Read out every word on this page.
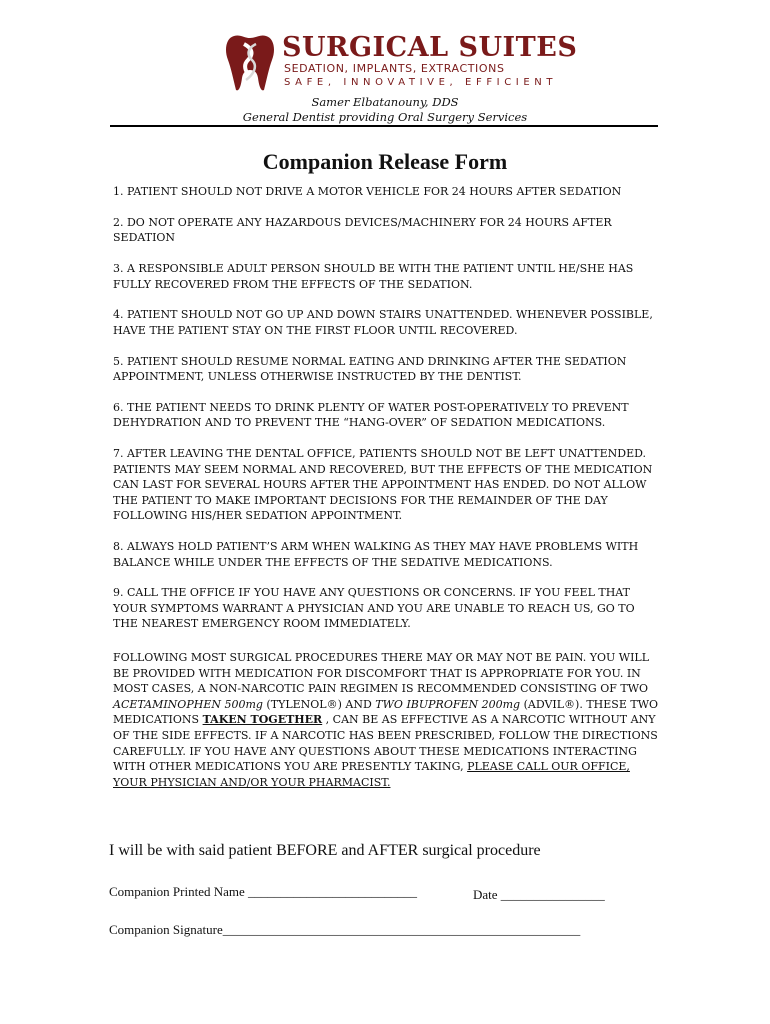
SURGICAL SUITES
SEDATION, IMPLANTS, EXTRACTIONS
SAFE, INNOVATIVE, EFFICIENT
Samer Elbatanouny, DDS
General Dentist providing Oral Surgery Services
Companion Release Form
1. PATIENT SHOULD NOT DRIVE A MOTOR VEHICLE FOR 24 HOURS AFTER SEDATION
2. DO NOT OPERATE ANY HAZARDOUS DEVICES/MACHINERY FOR 24 HOURS AFTER SEDATION
3. A RESPONSIBLE ADULT PERSON SHOULD BE WITH THE PATIENT UNTIL HE/SHE HAS FULLY RECOVERED FROM THE EFFECTS OF THE SEDATION.
4. PATIENT SHOULD NOT GO UP AND DOWN STAIRS UNATTENDED. WHENEVER POSSIBLE, HAVE THE PATIENT STAY ON THE FIRST FLOOR UNTIL RECOVERED.
5. PATIENT SHOULD RESUME NORMAL EATING AND DRINKING AFTER THE SEDATION APPOINTMENT, UNLESS OTHERWISE INSTRUCTED BY THE DENTIST.
6. THE PATIENT NEEDS TO DRINK PLENTY OF WATER POST-OPERATIVELY TO PREVENT DEHYDRATION AND TO PREVENT THE “HANG-OVER” OF SEDATION MEDICATIONS.
7. AFTER LEAVING THE DENTAL OFFICE, PATIENTS SHOULD NOT BE LEFT UNATTENDED. PATIENTS MAY SEEM NORMAL AND RECOVERED, BUT THE EFFECTS OF THE MEDICATION CAN LAST FOR SEVERAL HOURS AFTER THE APPOINTMENT HAS ENDED. DO NOT ALLOW THE PATIENT TO MAKE IMPORTANT DECISIONS FOR THE REMAINDER OF THE DAY FOLLOWING HIS/HER SEDATION APPOINTMENT.
8. ALWAYS HOLD PATIENT’S ARM WHEN WALKING AS THEY MAY HAVE PROBLEMS WITH BALANCE WHILE UNDER THE EFFECTS OF THE SEDATIVE MEDICATIONS.
9. CALL THE OFFICE IF YOU HAVE ANY QUESTIONS OR CONCERNS. IF YOU FEEL THAT YOUR SYMPTOMS WARRANT A PHYSICIAN AND YOU ARE UNABLE TO REACH US, GO TO THE NEAREST EMERGENCY ROOM IMMEDIATELY.
FOLLOWING MOST SURGICAL PROCEDURES THERE MAY OR MAY NOT BE PAIN. YOU WILL BE PROVIDED WITH MEDICATION FOR DISCOMFORT THAT IS APPROPRIATE FOR YOU. IN MOST CASES, A NON-NARCOTIC PAIN REGIMEN IS RECOMMENDED CONSISTING OF TWO ACETAMINOPHEN 500mg (TYLENOL®) AND TWO IBUPROFEN 200mg (ADVIL®). THESE TWO MEDICATIONS TAKEN TOGETHER , CAN BE AS EFFECTIVE AS A NARCOTIC WITHOUT ANY OF THE SIDE EFFECTS. IF A NARCOTIC HAS BEEN PRESCRIBED, FOLLOW THE DIRECTIONS CAREFULLY. IF YOU HAVE ANY QUESTIONS ABOUT THESE MEDICATIONS INTERACTING WITH OTHER MEDICATIONS YOU ARE PRESENTLY TAKING, PLEASE CALL OUR OFFICE, YOUR PHYSICIAN AND/OR YOUR PHARMACIST.
I will be with said patient BEFORE and AFTER surgical procedure
Companion Printed Name __________________________	Date ________________
Companion Signature_______________________________________________________
